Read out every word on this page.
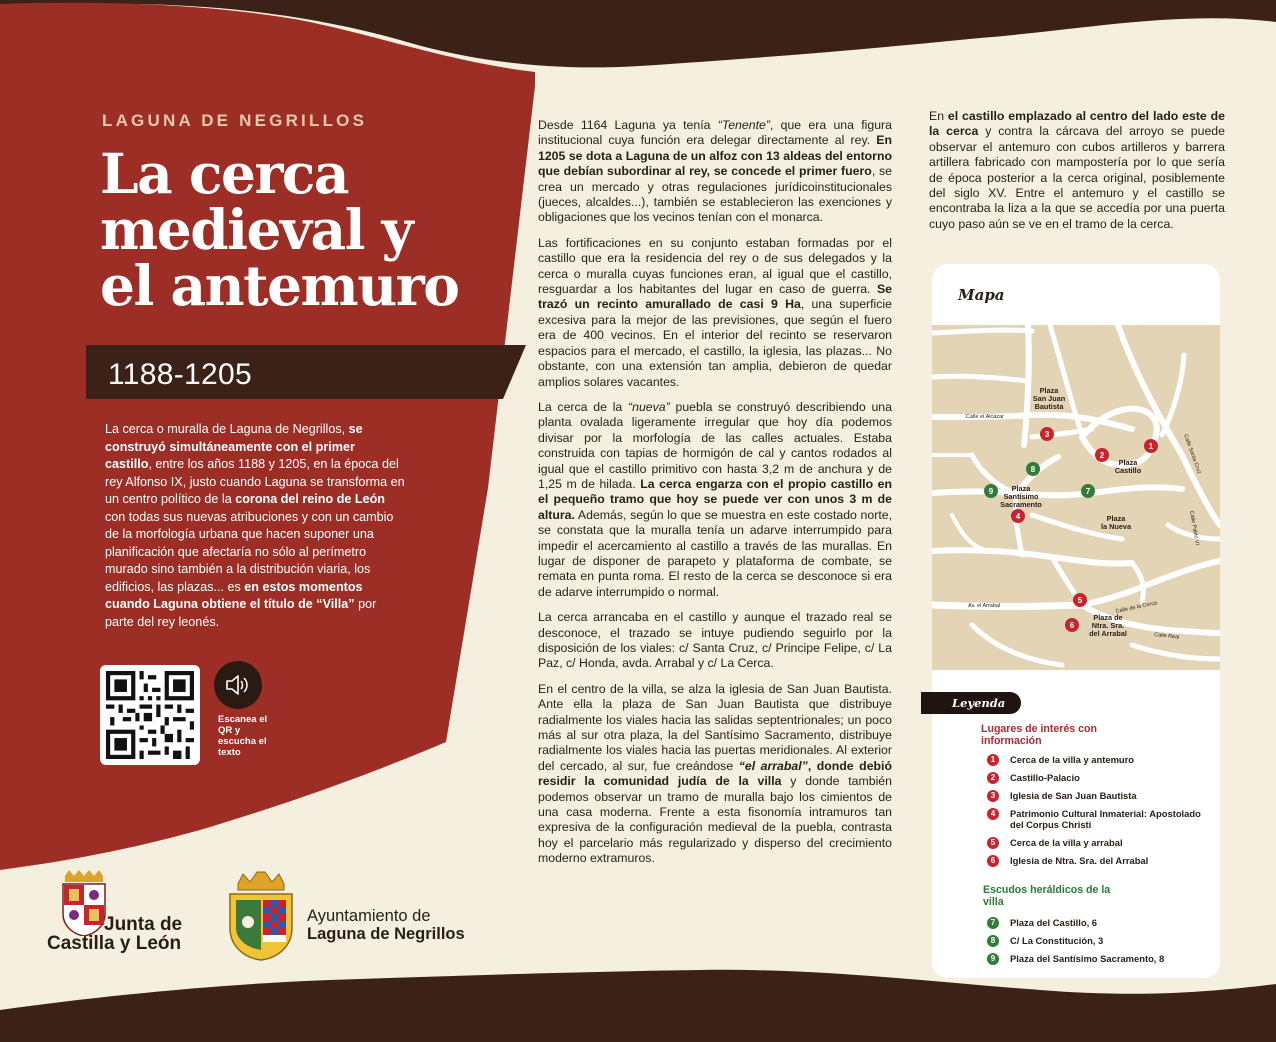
LAGUNA DE NEGRILLOS
La cerca
medieval y
el antemuro
1188-1205

La cerca o muralla de Laguna de Negrillos, se construyó simultáneamente con el primer castillo, entre los años 1188 y 1205, en la época del rey Alfonso IX, justo cuando Laguna se transforma en un centro político de la corona del reino de León con todas sus nuevas atribuciones y con un cambio de la morfología urbana que hacen suponer una planificación que afectaría no sólo al perímetro murado sino también a la distribución viaria, los edificios, las plazas... es en estos momentos cuando Laguna obtiene el título de “Villa” por parte del rey leonés.

Escanea el QR y escucha el texto

Desde 1164 Laguna ya tenía “Tenente”, que era una figura institucional cuya función era delegar directamente al rey. En 1205 se dota a Laguna de un alfoz con 13 aldeas del entorno que debían subordinar al rey, se concede el primer fuero, se crea un mercado y otras regulaciones jurídicoinstitucionales (jueces, alcaldes...), también se establecieron las exenciones y obligaciones que los vecinos tenían con el monarca.

Las fortificaciones en su conjunto estaban formadas por el castillo que era la residencia del rey o de sus delegados y la cerca o muralla cuyas funciones eran, al igual que el castillo, resguardar a los habitantes del lugar en caso de guerra. Se trazó un recinto amurallado de casi 9 Ha, una superficie excesiva para la mejor de las previsiones, que según el fuero era de 400 vecinos. En el interior del recinto se reservaron espacios para el mercado, el castillo, la iglesia, las plazas... No obstante, con una extensión tan amplia, debieron de quedar amplios solares vacantes.

La cerca de la “nueva” puebla se construyó describiendo una planta ovalada ligeramente irregular que hoy día podemos divisar por la morfología de las calles actuales. Estaba construida con tapias de hormigón de cal y cantos rodados al igual que el castillo primitivo con hasta 3,2 m de anchura y de 1,25 m de hilada. La cerca engarza con el propio castillo en el pequeño tramo que hoy se puede ver con unos 3 m de altura. Además, según lo que se muestra en este costado norte, se constata que la muralla tenía un adarve interrumpido para impedir el acercamiento al castillo a través de las murallas. En lugar de disponer de parapeto y plataforma de combate, se remata en punta roma. El resto de la cerca se desconoce si era de adarve interrumpido o normal.

La cerca arrancaba en el castillo y aunque el trazado real se desconoce, el trazado se intuye pudiendo seguirlo por la disposición de los viales: c/ Santa Cruz, c/ Principe Felipe, c/ La Paz, c/ Honda, avda. Arrabal y c/ La Cerca.

En el centro de la villa, se alza la iglesia de San Juan Bautista. Ante ella la plaza de San Juan Bautista que distribuye radialmente los viales hacia las salidas septentrionales; un poco más al sur otra plaza, la del Santísimo Sacramento, distribuye radialmente los viales hacia las puertas meridionales. Al exterior del cercado, al sur, fue creándose “el arrabal”, donde debió residir la comunidad judía de la villa y donde también podemos observar un tramo de muralla bajo los cimientos de una casa moderna. Frente a esta fisonomía intramuros tan expresiva de la configuración medieval de la puebla, contrasta hoy el parcelario más regularizado y disperso del crecimiento moderno extramuros.

En el castillo emplazado al centro del lado este de la cerca y contra la cárcava del arroyo se puede observar el antemuro con cubos artilleros y barrera artillera fabricado con mampostería por lo que sería de época posterior a la cerca original, posiblemente del siglo XV. Entre el antemuro y el castillo se encontraba la liza a la que se accedía por una puerta cuyo paso aún se ve en el tramo de la cerca.

Mapa
Calle el Alcázar
Calle Santa Cruz
Calle Pablo VI
Av. el Arrabal	Calle de la Cerca
Calle Real
Plaza San Juan Bautista
Plaza Castillo
Plaza Santísimo Sacramento
Plaza la Nueva
Plaza de Ntra. Sra. del Arrabal
1
2
3
4
5
6
7
8
9
Leyenda

Lugares de interés con información

1	Cerca de la villa y antemuro
2	Castillo-Palacio
3	Iglesia de San Juan Bautista
4	Patrimonio Cultural Inmaterial: Apostolado del Corpus Christi
5	Cerca de la villa y arrabal
6	Iglesia de Ntra. Sra. del Arrabal

Escudos heráldicos de la villa

7	Plaza del Castillo, 6
8	C/ La Constitución, 3
9	Plaza del Santísimo Sacramento, 8
Junta de
Castilla y León
Ayuntamiento de
Laguna de Negrillos
